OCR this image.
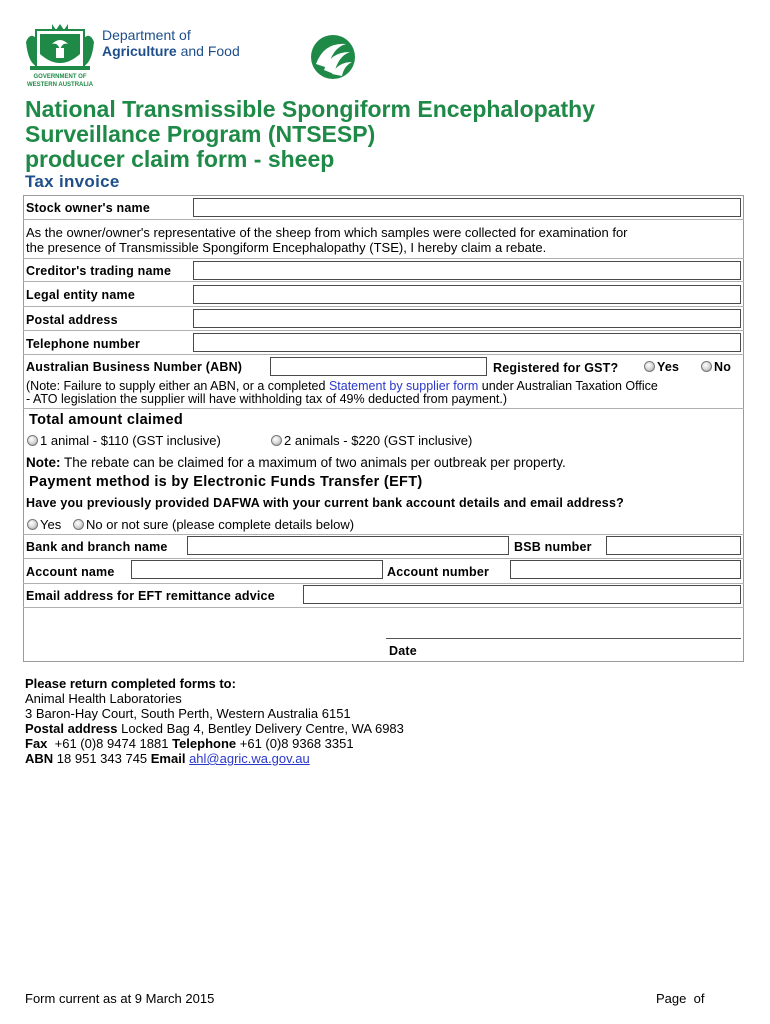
GOVERNMENT OF
WESTERN AUSTRALIA
Department of
Agriculture and Food
National Transmissible Spongiform Encephalopathy
Surveillance Program (NTSESP)
producer claim form - sheep
Tax invoice
Stock owner's name
As the owner/owner's representative of the sheep from which samples were collected for examination for
the presence of Transmissible Spongiform Encephalopathy (TSE), I hereby claim a rebate.
Creditor's trading name
Legal entity name
Postal address
Telephone number
Australian Business Number (ABN)	Registered for GST?	Yes	No
(Note: Failure to supply either an ABN, or a completed Statement by supplier form under Australian Taxation Office
- ATO legislation the supplier will have withholding tax of 49% deducted from payment.)
Total amount claimed
1 animal - $110 (GST inclusive)	2 animals - $220 (GST inclusive)
Note: The rebate can be claimed for a maximum of two animals per outbreak per property.
Payment method is by Electronic Funds Transfer (EFT)
Have you previously provided DAFWA with your current bank account details and email address?
Yes	No or not sure (please complete details below)
Bank and branch name	BSB number
Account name	Account number
Email address for EFT remittance advice
Date
Please return completed forms to:
Animal Health Laboratories
3 Baron-Hay Court, South Perth, Western Australia 6151
Postal address Locked Bag 4, Bentley Delivery Centre, WA 6983
Fax  +61 (0)8 9474 1881 Telephone +61 (0)8 9368 3351
ABN 18 951 343 745 Email ahl@agric.wa.gov.au
Form current as at 9 March 2015	Page  of
